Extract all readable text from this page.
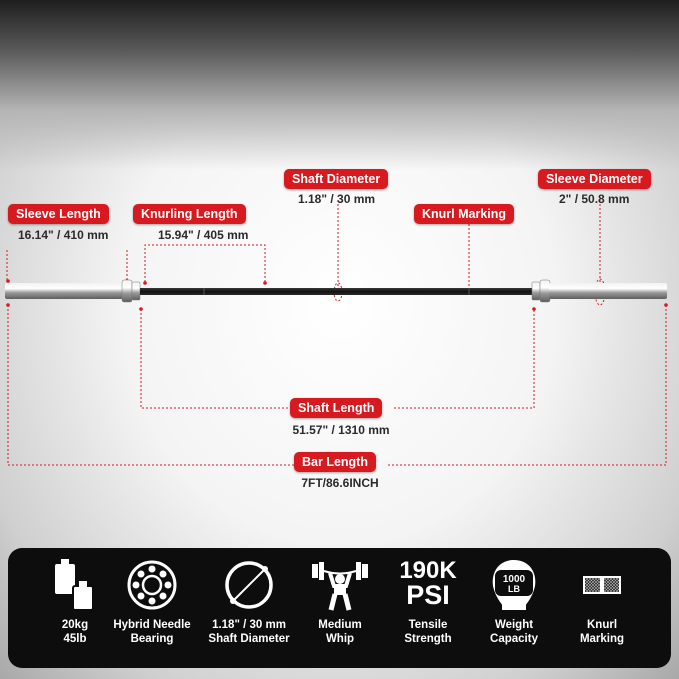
Sleeve Length
16.14" / 410 mm
Knurling Length
15.94" / 405 mm
Shaft Diameter
1.18" / 30 mm
Knurl Marking
Sleeve Diameter
2" / 50.8 mm
Shaft Length
51.57" / 1310 mm
Bar Length
7FT/86.6INCH
20kg
45lb
Hybrid Needle
Bearing
1.18" / 30 mm
Shaft Diameter
Medium
Whip
190K
PSI
Tensile
Strength
1000
LB
Weight
Capacity
Knurl
Marking
